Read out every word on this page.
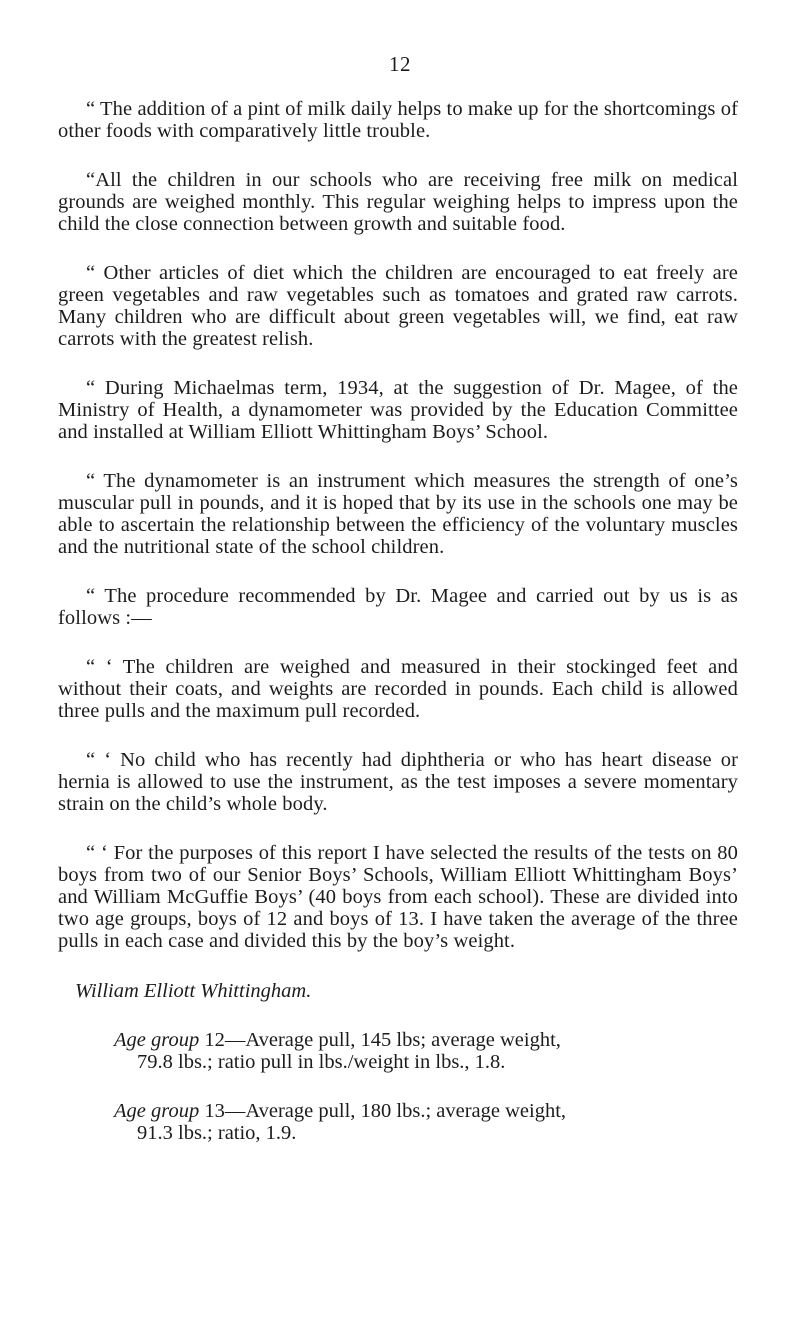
12

“ The addition of a pint of milk daily helps to make up for the shortcomings of other foods with comparatively little trouble.

“All the children in our schools who are receiving free milk on medical grounds are weighed monthly. This regular weighing helps to impress upon the child the close connection between growth and suitable food.

“ Other articles of diet which the children are encouraged to eat freely are green vegetables and raw vegetables such as tomatoes and grated raw carrots. Many children who are difficult about green vegetables will, we find, eat raw carrots with the greatest relish.

“ During Michaelmas term, 1934, at the suggestion of Dr. Magee, of the Ministry of Health, a dynamometer was provided by the Education Committee and installed at William Elliott Whittingham Boys’ School.

“ The dynamometer is an instrument which measures the strength of one’s muscular pull in pounds, and it is hoped that by its use in the schools one may be able to ascertain the relationship between the efficiency of the voluntary muscles and the nutritional state of the school children.

“ The procedure recommended by Dr. Magee and carried out by us is as follows :—

“ ‘ The children are weighed and measured in their stockinged feet and without their coats, and weights are recorded in pounds. Each child is allowed three pulls and the maximum pull recorded.

“ ‘ No child who has recently had diphtheria or who has heart disease or hernia is allowed to use the instrument, as the test imposes a severe momentary strain on the child’s whole body.

“ ‘ For the purposes of this report I have selected the results of the tests on 80 boys from two of our Senior Boys’ Schools, William Elliott Whittingham Boys’ and William McGuffie Boys’ (40 boys from each school). These are divided into two age groups, boys of 12 and boys of 13. I have taken the average of the three pulls in each case and divided this by the boy’s weight.

William Elliott Whittingham.
Age group 12—Average pull, 145 lbs; average weight,
79.8 lbs.; ratio pull in lbs./weight in lbs., 1.8.
Age group 13—Average pull, 180 lbs.; average weight,
91.3 lbs.; ratio, 1.9.
